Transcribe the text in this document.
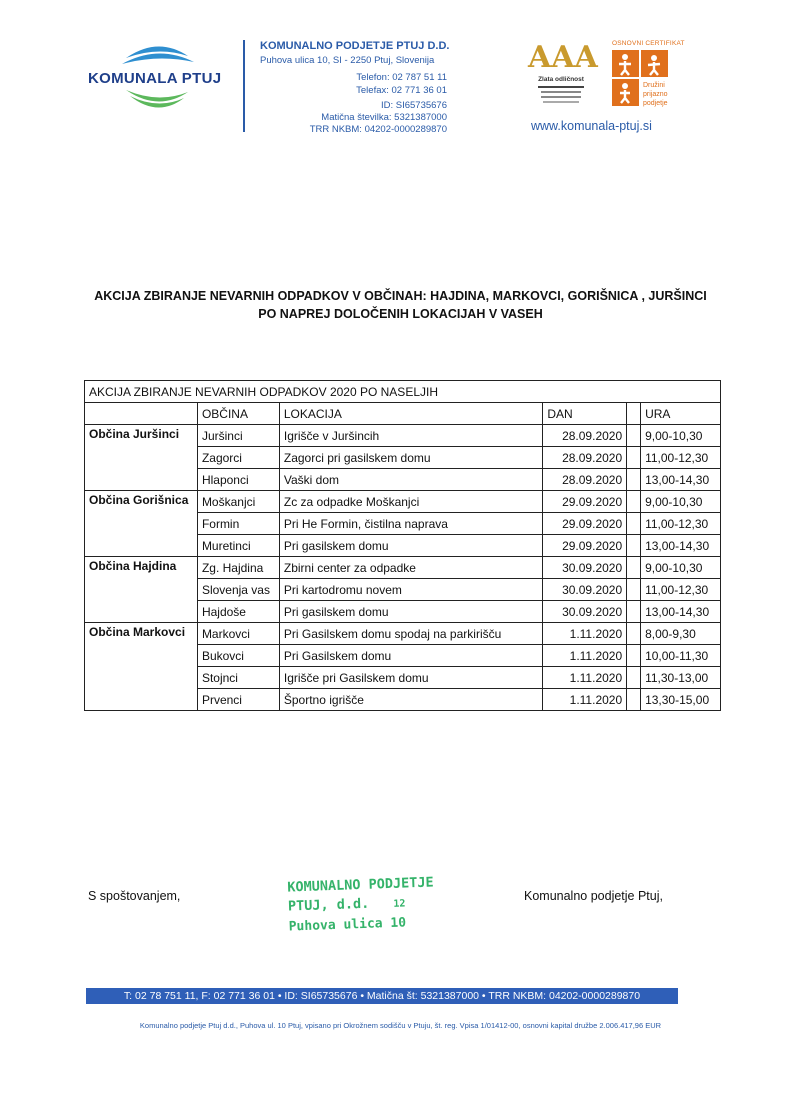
KOMUNALA PTUJ
KOMUNALNO PODJETJE PTUJ D.D.
Puhova ulica 10, SI - 2250 Ptuj, Slovenija
Telefon: 02 787 51 11
Telefax: 02 771 36 01
ID: SI65735676
Matična številka: 5321387000
TRR NKBM: 04202-0000289870
AAA
Zlata odličnost
OSNOVNI CERTIFIKAT
Družini prijazno podjetje
www.komunala-ptuj.si
AKCIJA ZBIRANJE NEVARNIH ODPADKOV V OBČINAH: HAJDINA, MARKOVCI, GORIŠNICA , JURŠINCI
PO NAPREJ DOLOČENIH LOKACIJAH V VASEH
AKCIJA ZBIRANJE NEVARNIH ODPADKOV 2020 PO NASELJIH					
	OBČINA	LOKACIJA	DAN		URA
Občina Juršinci	Juršinci	Igrišče v Juršincih	28.09.2020		9,00-10,30
	Zagorci	Zagorci pri gasilskem domu	28.09.2020		11,00-12,30
	Hlaponci	Vaški dom	28.09.2020		13,00-14,30
Občina Gorišnica	Moškanjci	Zc za odpadke Moškanjci	29.09.2020		9,00-10,30
	Formin	Pri He Formin, čistilna naprava	29.09.2020		11,00-12,30
	Muretinci	Pri gasilskem domu	29.09.2020		13,00-14,30
Občina Hajdina	Zg. Hajdina	Zbirni center za odpadke	30.09.2020		9,00-10,30
	Slovenja vas	Pri kartodromu novem	30.09.2020		11,00-12,30
	Hajdoše	Pri gasilskem domu	30.09.2020		13,00-14,30
Občina Markovci	Markovci	Pri Gasilskem domu spodaj na parkirišču	1.11.2020		8,00-9,30
	Bukovci	Pri Gasilskem domu	1.11.2020		10,00-11,30
	Stojnci	Igrišče pri Gasilskem domu	1.11.2020		11,30-13,00
	Prvenci	Športno igrišče	1.11.2020		13,30-15,00
S spoštovanjem,	Komunalno podjetje Ptuj,
KOMUNALNO PODJETJE
PTUJ, d.d. 12
Puhova ulica 10
T: 02 78 751 11, F: 02 771 36 01 • ID: SI65735676 • Matična št: 5321387000 • TRR NKBM: 04202-0000289870
Komunalno podjetje Ptuj d.d., Puhova ul. 10 Ptuj, vpisano pri Okrožnem sodišču v Ptuju, št. reg. Vpisa 1/01412-00, osnovni kapital družbe 2.006.417,96 EUR
